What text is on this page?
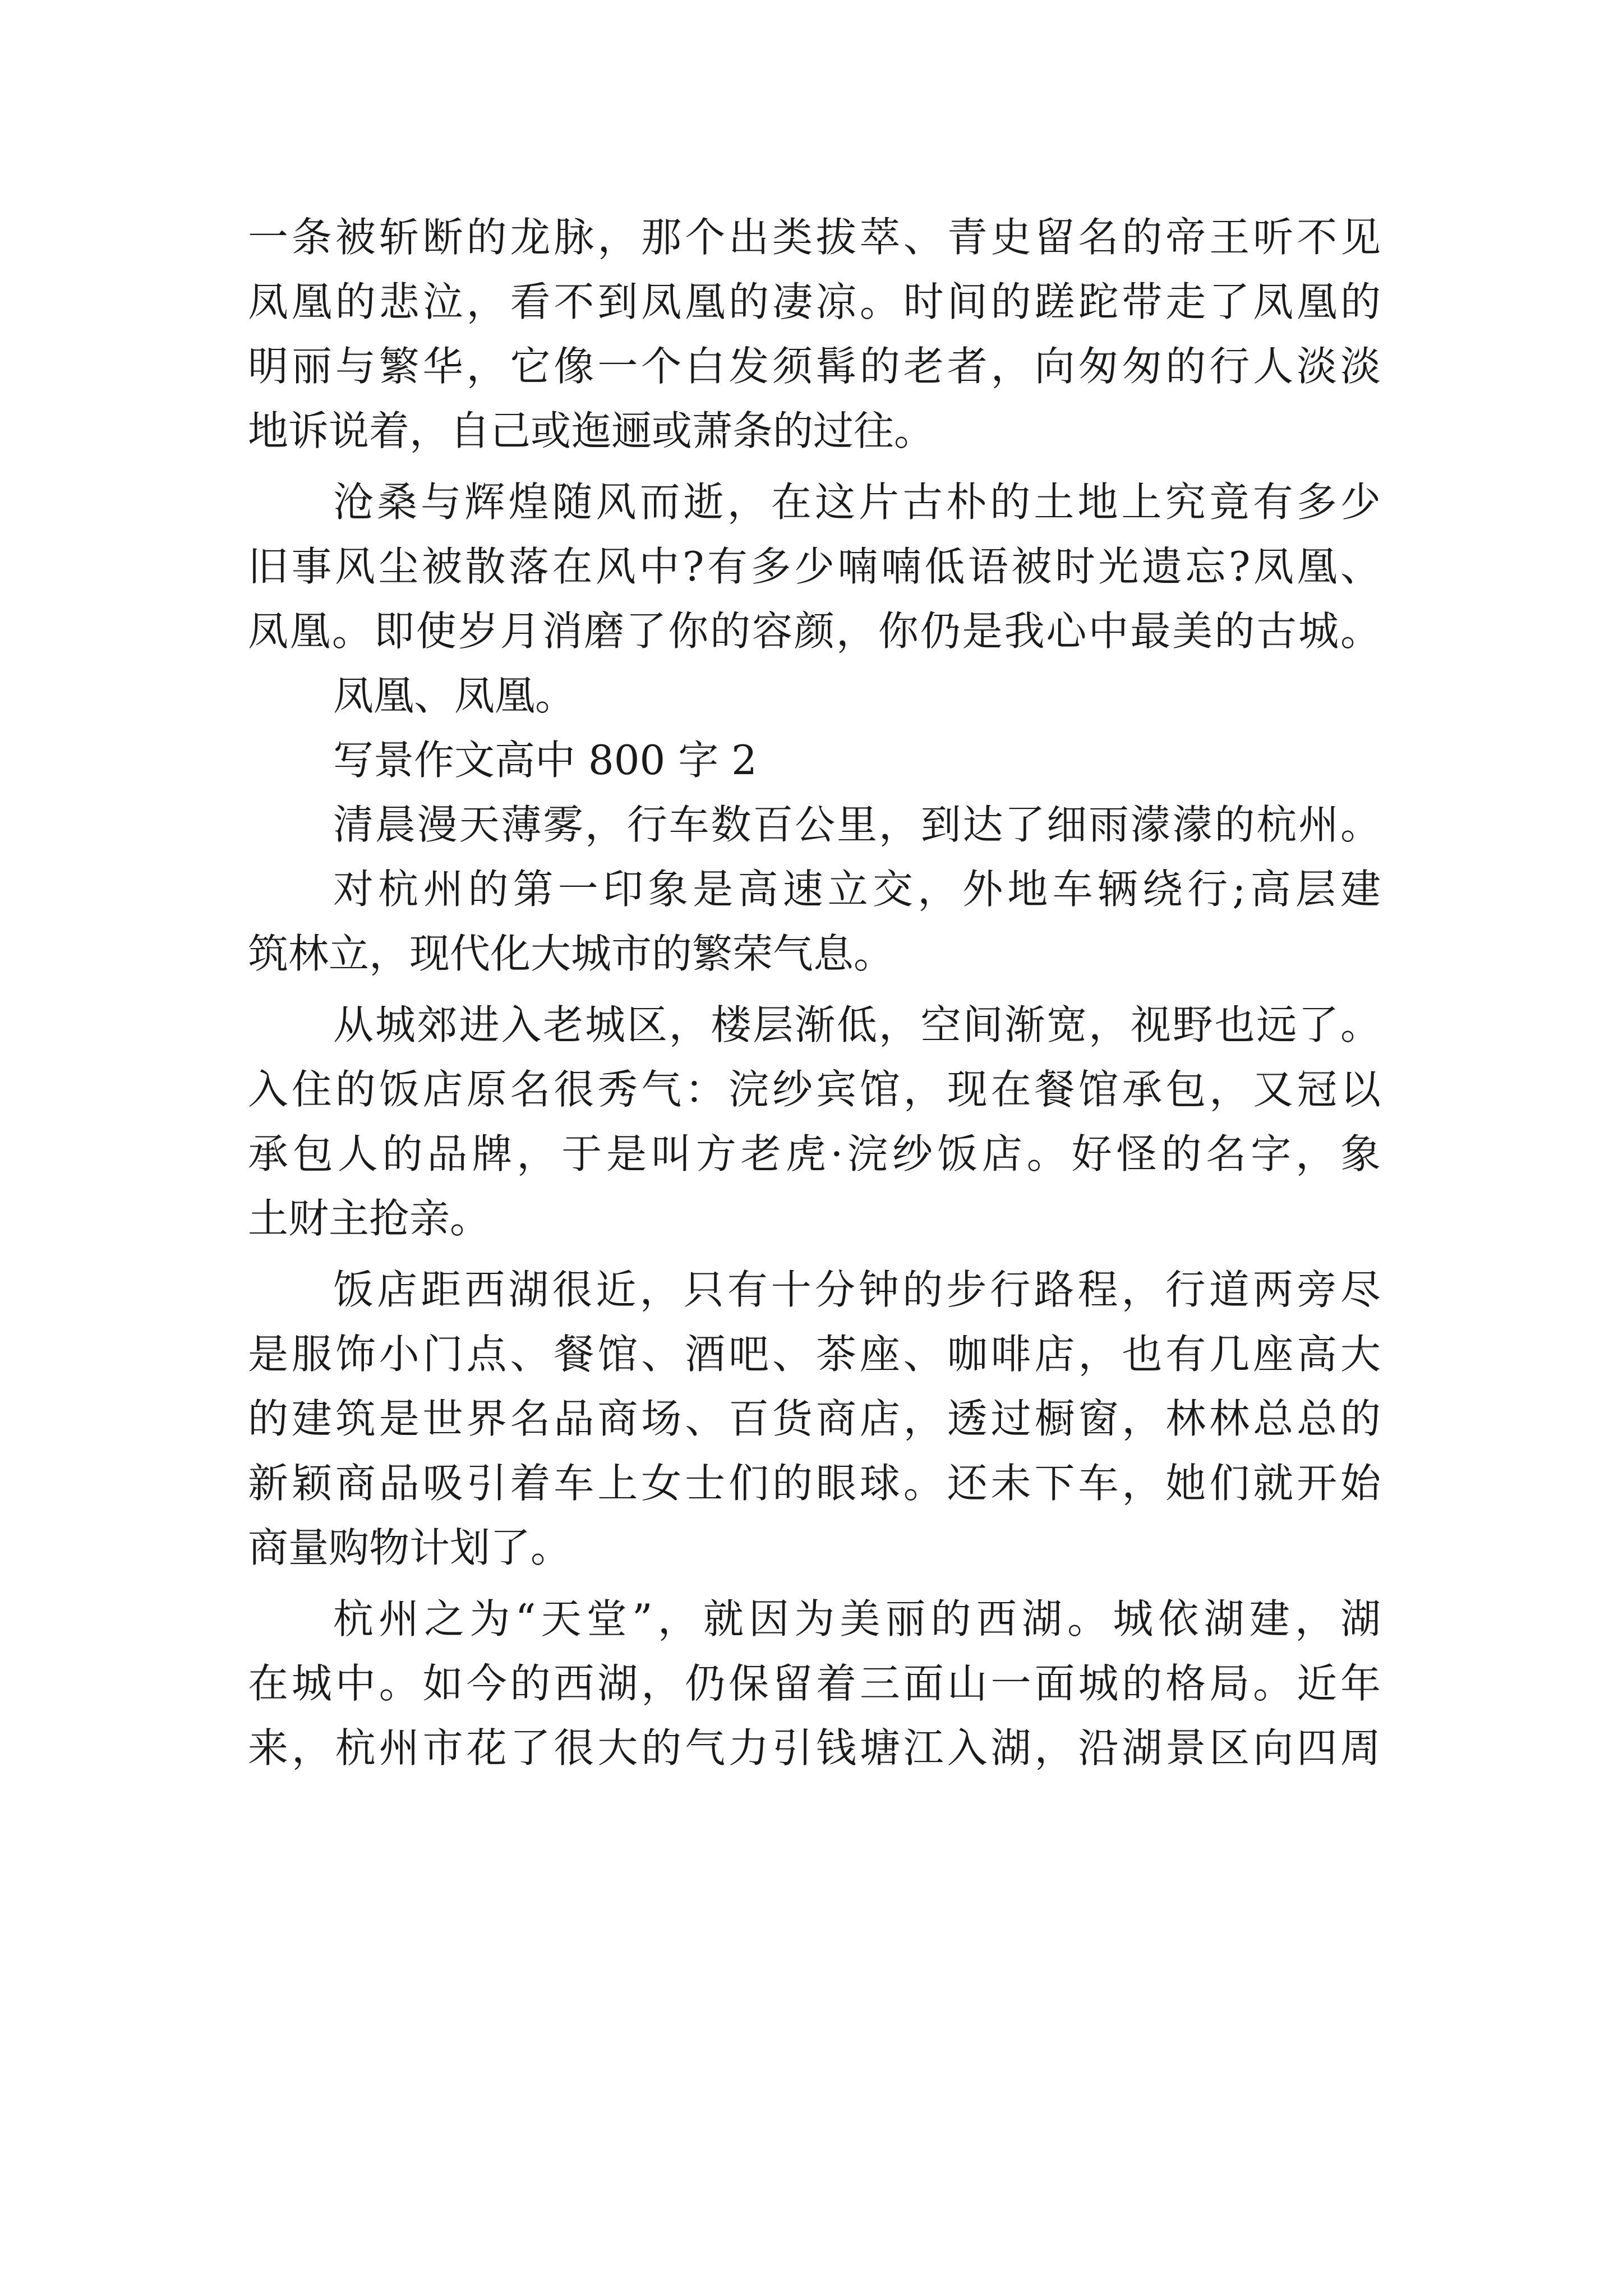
一条被斩断的龙脉，那个出类拔萃、青史留名的帝王听不见
凤凰的悲泣，看不到凤凰的凄凉。时间的蹉跎带走了凤凰的
明丽与繁华，它像一个白发须髯的老者，向匆匆的行人淡淡
地诉说着，自己或迤逦或萧条的过往。
沧桑与辉煌随风而逝，在这片古朴的土地上究竟有多少
旧事风尘被散落在风中?有多少喃喃低语被时光遗忘?凤凰、
凤凰。即使岁月消磨了你的容颜，你仍是我心中最美的古城。
凤凰、凤凰。
写景作文高中 800 字 2
清晨漫天薄雾，行车数百公里，到达了细雨濛濛的杭州。
对杭州的第一印象是高速立交，外地车辆绕行;高层建
筑林立，现代化大城市的繁荣气息。
从城郊进入老城区，楼层渐低，空间渐宽，视野也远了。
入住的饭店原名很秀气：浣纱宾馆，现在餐馆承包，又冠以
承包人的品牌，于是叫方老虎·浣纱饭店。好怪的名字，象
土财主抢亲。
饭店距西湖很近，只有十分钟的步行路程，行道两旁尽
是服饰小门点、餐馆、酒吧、茶座、咖啡店，也有几座高大
的建筑是世界名品商场、百货商店，透过橱窗，林林总总的
新颖商品吸引着车上女士们的眼球。还未下车，她们就开始
商量购物计划了。
杭州之为“天堂”，就因为美丽的西湖。城依湖建，湖
在城中。如今的西湖，仍保留着三面山一面城的格局。近年
来，杭州市花了很大的气力引钱塘江入湖，沿湖景区向四周
